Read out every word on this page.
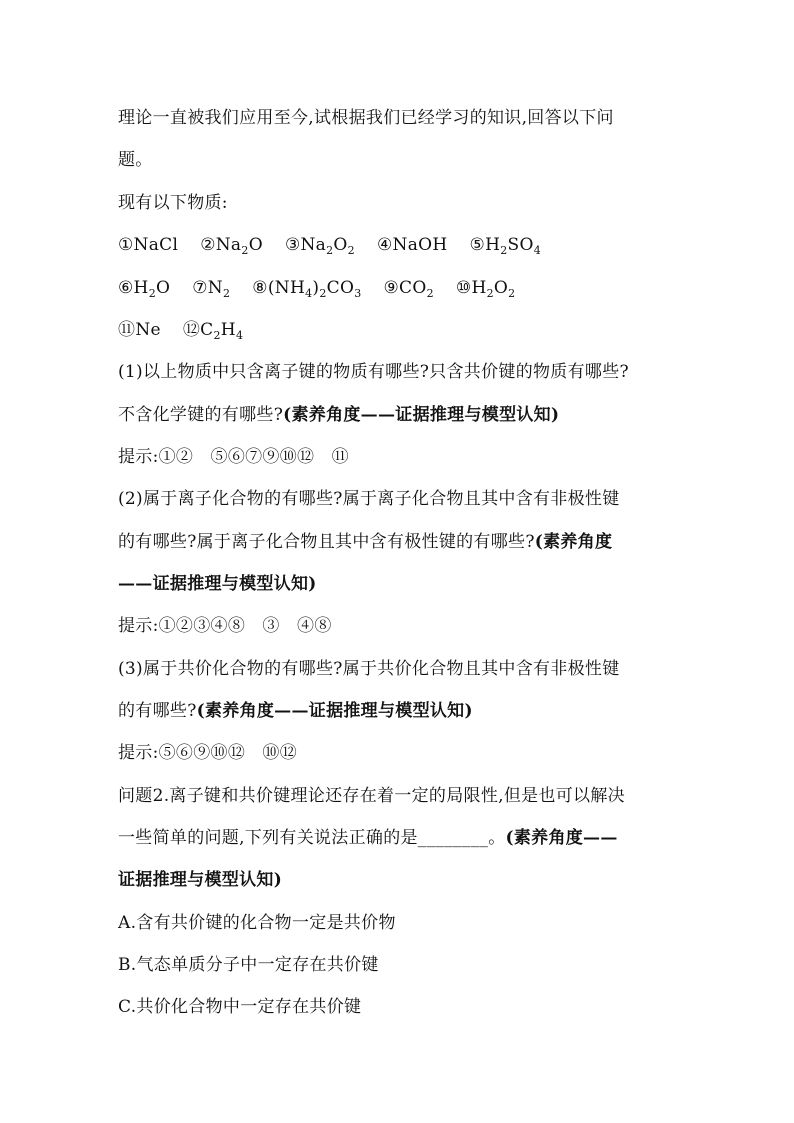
理论一直被我们应用至今,试根据我们已经学习的知识,回答以下问
题。
现有以下物质:
①NaCl $②Na_2O$ $③Na_2O_2$ ④NaOH $⑤H_2SO_4$
$⑥H_2O$ $⑦N_2$ $⑧(NH_4)_2CO_3$ $⑨CO_2$ $⑩H_2O_2$
⑪Ne $⑫C_2H_4$
(1)以上物质中只含离子键的物质有哪些?只含共价键的物质有哪些?
不含化学键的有哪些?(素养角度——证据推理与模型认知)
提示:①②　⑤⑥⑦⑨⑩⑫　⑪
(2)属于离子化合物的有哪些?属于离子化合物且其中含有非极性键
的有哪些?属于离子化合物且其中含有极性键的有哪些?(素养角度
——证据推理与模型认知)
提示:①②③④⑧　③　④⑧
(3)属于共价化合物的有哪些?属于共价化合物且其中含有非极性键
的有哪些?(素养角度——证据推理与模型认知)
提示:⑤⑥⑨⑩⑫　⑩⑫
问题2.离子键和共价键理论还存在着一定的局限性,但是也可以解决
一些简单的问题,下列有关说法正确的是________。(素养角度——
证据推理与模型认知)
A.含有共价键的化合物一定是共价物
B.气态单质分子中一定存在共价键
C.共价化合物中一定存在共价键
